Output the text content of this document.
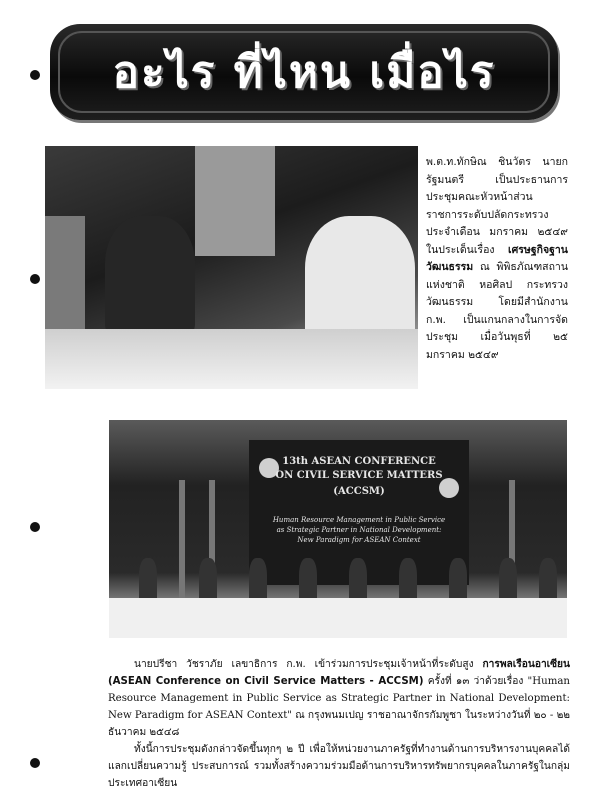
อะไร ที่ไหน เมื่อไร
พ.ต.ท.ทักษิณ ชินวัตร นายกรัฐมนตรี เป็นประธานการประชุมคณะหัวหน้าส่วนราชการระดับปลัดกระทรวง ประจำเดือน มกราคม ๒๕๔๙ ในประเด็นเรื่อง เศรษฐกิจฐานวัฒนธรรม ณ พิพิธภัณฑสถานแห่งชาติ หอศิลป กระทรวงวัฒนธรรม โดยมีสำนักงาน ก.พ. เป็นแกนกลางในการจัดประชุม เมื่อวันพุธที่ ๒๕ มกราคม ๒๕๔๙
13th ASEAN CONFERENCE
ON CIVIL SERVICE MATTERS
(ACCSM)
Human Resource Management in Public Service
as Strategic Partner in National Development:
New Paradigm for ASEAN Context

นายปรีชา วัชราภัย เลขาธิการ ก.พ. เข้าร่วมการประชุมเจ้าหน้าที่ระดับสูง การพลเรือนอาเซียน (ASEAN Conference on Civil Service Matters - ACCSM) ครั้งที่ ๑๓ ว่าด้วยเรื่อง "Human Resource Management in Public Service as Strategic Partner in National Development: New Paradigm for ASEAN Context" ณ กรุงพนมเปญ ราชอาณาจักรกัมพูชา ในระหว่างวันที่ ๒๐ - ๒๒ ธันวาคม ๒๕๔๘

ทั้งนี้การประชุมดังกล่าวจัดขึ้นทุกๆ ๒ ปี เพื่อให้หน่วยงานภาครัฐที่ทำงานด้านการบริหารงานบุคคลได้แลกเปลี่ยนความรู้ ประสบการณ์ รวมทั้งสร้างความร่วมมือด้านการบริหารทรัพยากรบุคคลในภาครัฐในกลุ่มประเทศอาเซียน
